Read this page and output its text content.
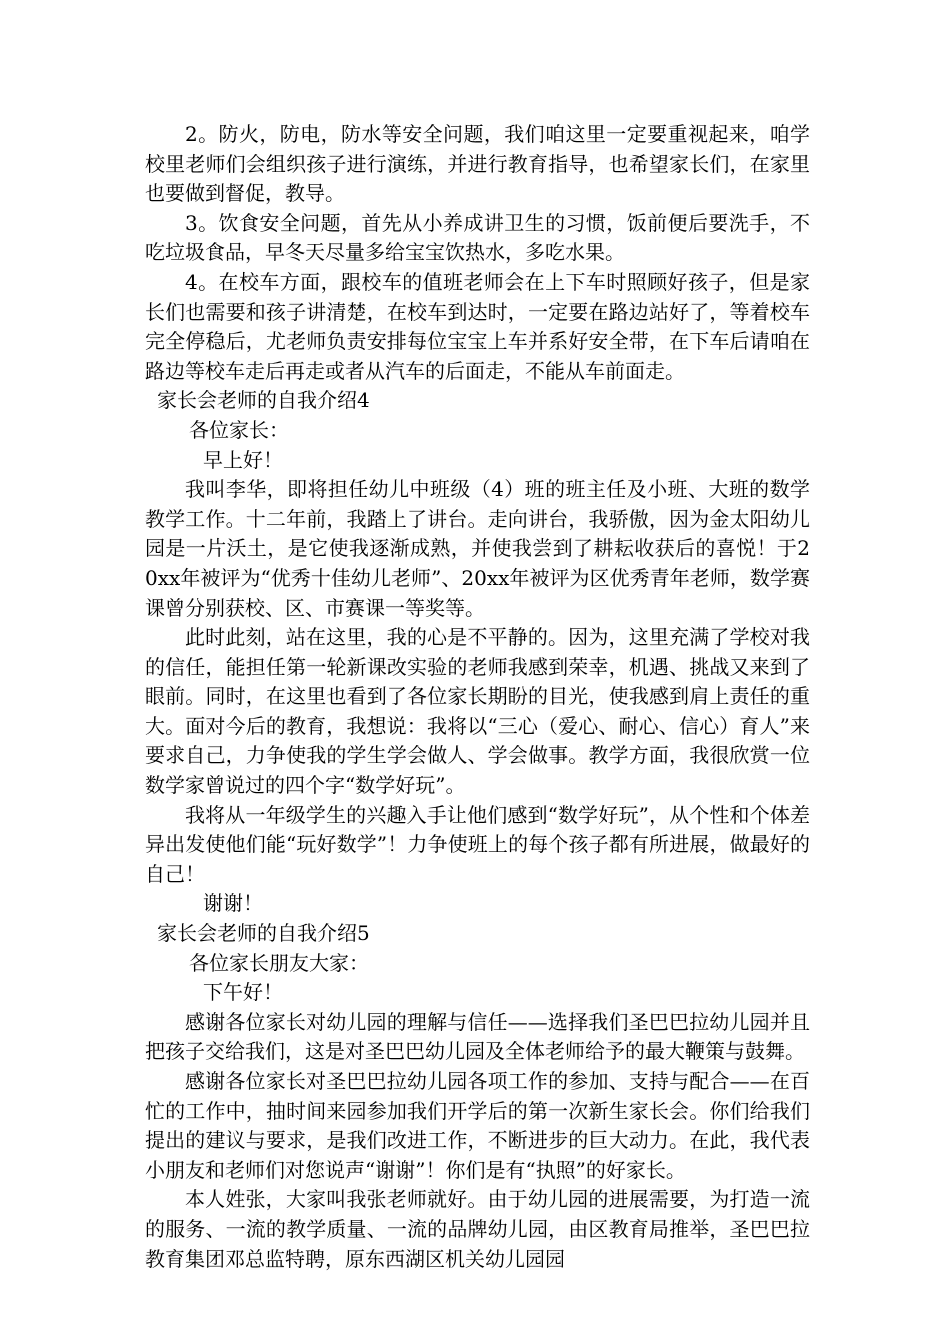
2。防火，防电，防水等安全问题，我们咱这里一定要重视起来，咱学校里老师们会组织孩子进行演练，并进行教育指导，也希望家长们，在家里也要做到督促，教导。

3。饮食安全问题，首先从小养成讲卫生的习惯，饭前便后要洗手，不吃垃圾食品，早冬天尽量多给宝宝饮热水，多吃水果。

4。在校车方面，跟校车的值班老师会在上下车时照顾好孩子，但是家长们也需要和孩子讲清楚，在校车到达时，一定要在路边站好了，等着校车完全停稳后，尤老师负责安排每位宝宝上车并系好安全带，在下车后请咱在路边等校车走后再走或者从汽车的后面走，不能从车前面走。

家长会老师的自我介绍4

各位家长：

早上好！

我叫李华，即将担任幼儿中班级（4）班的班主任及小班、大班的数学教学工作。十二年前，我踏上了讲台。走向讲台，我骄傲，因为金太阳幼儿园是一片沃土，是它使我逐渐成熟，并使我尝到了耕耘收获后的喜悦！于20xx年被评为“优秀十佳幼儿老师”、20xx年被评为区优秀青年老师，数学赛课曾分别获校、区、市赛课一等奖等。

此时此刻，站在这里，我的心是不平静的。因为，这里充满了学校对我的信任，能担任第一轮新课改实验的老师我感到荣幸，机遇、挑战又来到了眼前。同时，在这里也看到了各位家长期盼的目光，使我感到肩上责任的重大。面对今后的教育，我想说：我将以“三心（爱心、耐心、信心）育人”来要求自己，力争使我的学生学会做人、学会做事。教学方面，我很欣赏一位数学家曾说过的四个字“数学好玩”。

我将从一年级学生的兴趣入手让他们感到“数学好玩”，从个性和个体差异出发使他们能“玩好数学”！力争使班上的每个孩子都有所进展，做最好的自己！

谢谢！

家长会老师的自我介绍5

各位家长朋友大家：

下午好！

感谢各位家长对幼儿园的理解与信任——选择我们圣巴巴拉幼儿园并且把孩子交给我们，这是对圣巴巴幼儿园及全体老师给予的最大鞭策与鼓舞。

感谢各位家长对圣巴巴拉幼儿园各项工作的参加、支持与配合——在百忙的工作中，抽时间来园参加我们开学后的第一次新生家长会。你们给我们提出的建议与要求，是我们改进工作，不断进步的巨大动力。在此，我代表小朋友和老师们对您说声“谢谢”！你们是有“执照”的好家长。

本人姓张，大家叫我张老师就好。由于幼儿园的进展需要，为打造一流的服务、一流的教学质量、一流的品牌幼儿园，由区教育局推举，圣巴巴拉教育集团邓总监特聘，原东西湖区机关幼儿园园
